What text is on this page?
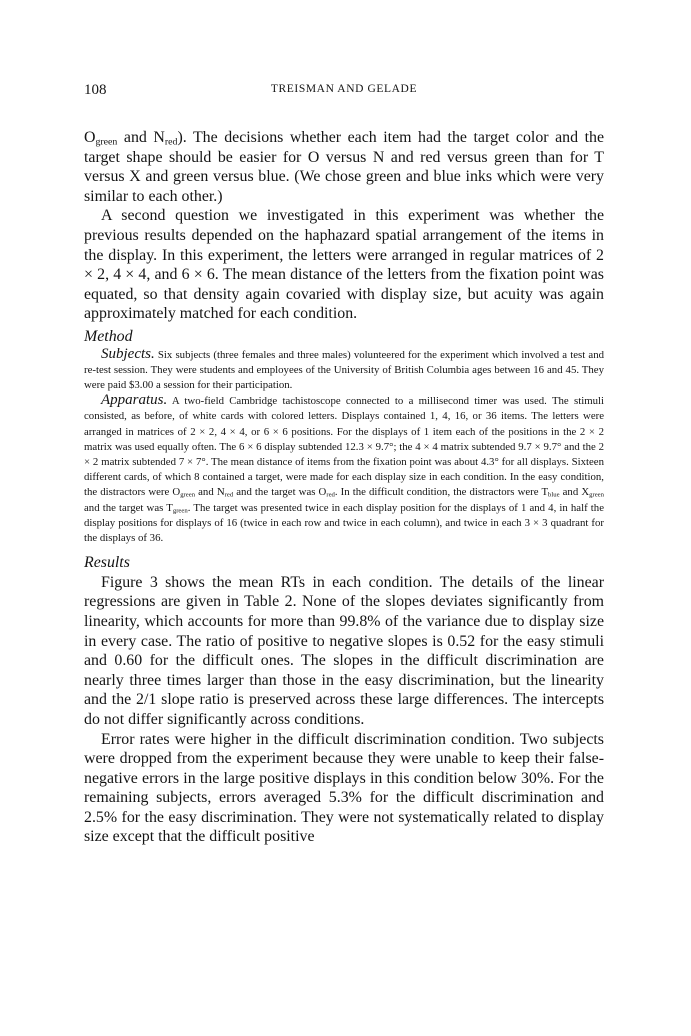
108	TREISMAN AND GELADE

$O_{green}$ and $N_{red}$). The decisions whether each item had the target color and the target shape should be easier for O versus N and red versus green than for T versus X and green versus blue. (We chose green and blue inks which were very similar to each other.)

A second question we investigated in this experiment was whether the previous results depended on the haphazard spatial arrangement of the items in the display. In this experiment, the letters were arranged in regular matrices of 2 × 2, 4 × 4, and 6 × 6. The mean distance of the letters from the fixation point was equated, so that density again covaried with display size, but acuity was again approximately matched for each condition.

Method

Subjects. Six subjects (three females and three males) volunteered for the experiment which involved a test and re-test session. They were students and employees of the University of British Columbia ages between 16 and 45. They were paid $3.00 a session for their participation.

Apparatus. A two-field Cambridge tachistoscope connected to a millisecond timer was used. The stimuli consisted, as before, of white cards with colored letters. Displays contained 1, 4, 16, or 36 items. The letters were arranged in matrices of 2 × 2, 4 × 4, or 6 × 6 positions. For the displays of 1 item each of the positions in the 2 × 2 matrix was used equally often. The 6 × 6 display subtended 12.3 × 9.7°; the 4 × 4 matrix subtended 9.7 × 9.7° and the 2 × 2 matrix subtended 7 × 7°. The mean distance of items from the fixation point was about 4.3° for all displays. Sixteen different cards, of which 8 contained a target, were made for each display size in each condition. In the easy condition, the distractors were $O_{green}$ and $N_{red}$ and the target was $O_{red}$. In the difficult condition, the distractors were $T_{blue}$ and $X_{green}$ and the target was $T_{green}$. The target was presented twice in each display position for the displays of 1 and 4, in half the display positions for displays of 16 (twice in each row and twice in each column), and twice in each 3 × 3 quadrant for the displays of 36.

Results

Figure 3 shows the mean RTs in each condition. The details of the linear regressions are given in Table 2. None of the slopes deviates significantly from linearity, which accounts for more than 99.8% of the variance due to display size in every case. The ratio of positive to negative slopes is 0.52 for the easy stimuli and 0.60 for the difficult ones. The slopes in the difficult discrimination are nearly three times larger than those in the easy discrimination, but the linearity and the 2/1 slope ratio is preserved across these large differences. The intercepts do not differ significantly across conditions.

Error rates were higher in the difficult discrimination condition. Two subjects were dropped from the experiment because they were unable to keep their false-negative errors in the large positive displays in this condition below 30%. For the remaining subjects, errors averaged 5.3% for the difficult discrimination and 2.5% for the easy discrimination. They were not systematically related to display size except that the difficult positive
